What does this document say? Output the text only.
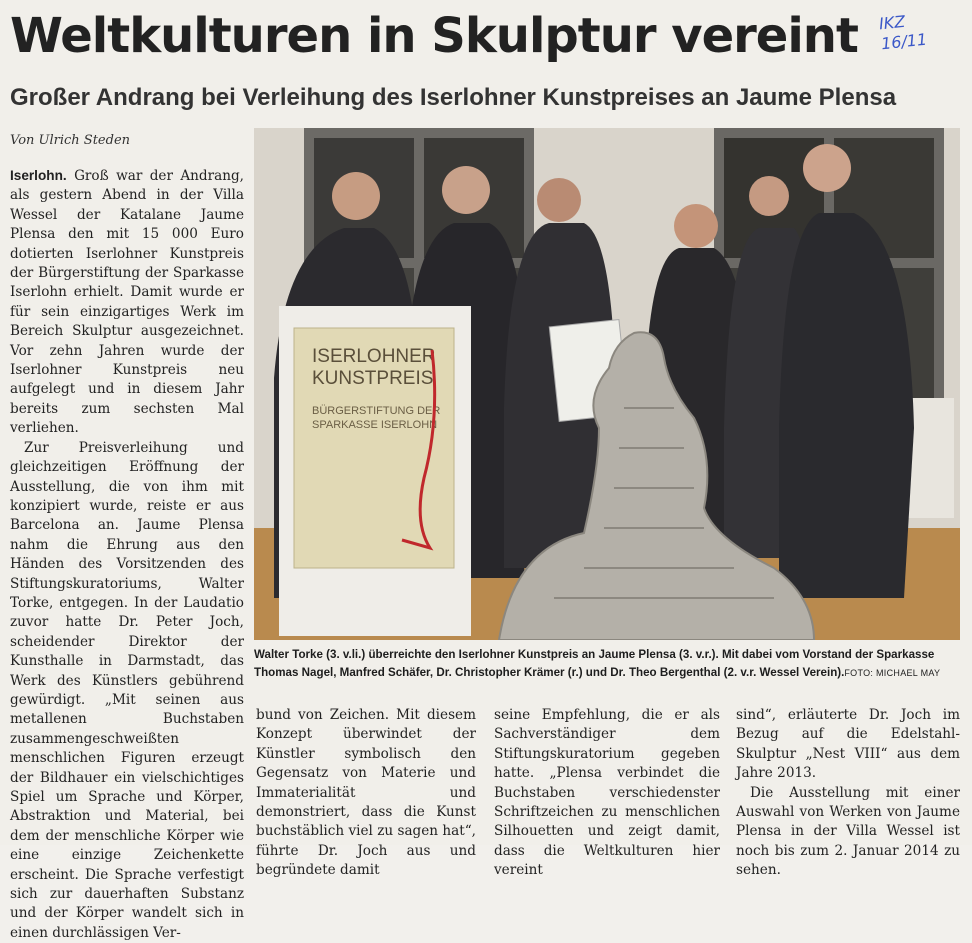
Weltkulturen in Skulptur vereint	IKZ
16/11
Großer Andrang bei Verleihung des Iserlohner Kunstpreises an Jaume Plensa
Von Ulrich Steden

Iserlohn. Groß war der Andrang, als gestern Abend in der Villa Wessel der Katalane Jaume Plensa den mit 15 000 Euro dotierten Iserlohner Kunstpreis der Bürgerstiftung der Sparkasse Iserlohn erhielt. Damit wurde er für sein einzigartiges Werk im Bereich Skulptur ausgezeichnet. Vor zehn Jahren wurde der Iserlohner Kunstpreis neu aufgelegt und in diesem Jahr bereits zum sechsten Mal verliehen.

Zur Preisverleihung und gleichzeitigen Eröffnung der Ausstellung, die von ihm mit konzipiert wurde, reiste er aus Barcelona an. Jaume Plensa nahm die Ehrung aus den Händen des Vorsitzenden des Stiftungskuratoriums, Walter Torke, entgegen. In der Laudatio zuvor hatte Dr. Peter Joch, scheidender Direktor der Kunsthalle in Darmstadt, das Werk des Künstlers gebührend gewürdigt. „Mit seinen aus metallenen Buchstaben zusammengeschweißten menschlichen Figuren erzeugt der Bildhauer ein vielschichtiges Spiel um Sprache und Körper, Abstraktion und Material, bei dem der menschliche Körper wie eine einzige Zeichenkette erscheint. Die Sprache verfestigt sich zur dauerhaften Substanz und der Körper wandelt sich in einen durchlässigen Ver-

ISERLOHNER
KUNSTPREIS
BÜRGERSTIFTUNG DER
SPARKASSE ISERLOHN
Walter Torke (3. v.li.) überreichte den Iserlohner Kunstpreis an Jaume Plensa (3. v.r.). Mit dabei vom Vorstand der Sparkasse Thomas Nagel, Manfred Schäfer, Dr. Christopher Krämer (r.) und Dr. Theo Bergenthal (2. v.r. Wessel Verein).FOTO: MICHAEL MAY

bund von Zeichen. Mit diesem Konzept überwindet der Künstler symbolisch den Gegensatz von Materie und Immaterialität und demonstriert, dass die Kunst buchstäblich viel zu sagen hat“, führte Dr. Joch aus und begründete damit

seine Empfehlung, die er als Sachverständiger dem Stiftungskuratorium gegeben hatte. „Plensa verbindet die Buchstaben verschiedenster Schriftzeichen zu menschlichen Silhouetten und zeigt damit, dass die Weltkulturen hier vereint

sind“, erläuterte Dr. Joch im Bezug auf die Edelstahl-Skulptur „Nest VIII“ aus dem Jahre 2013.

Die Ausstellung mit einer Auswahl von Werken von Jaume Plensa in der Villa Wessel ist noch bis zum 2. Januar 2014 zu sehen.
